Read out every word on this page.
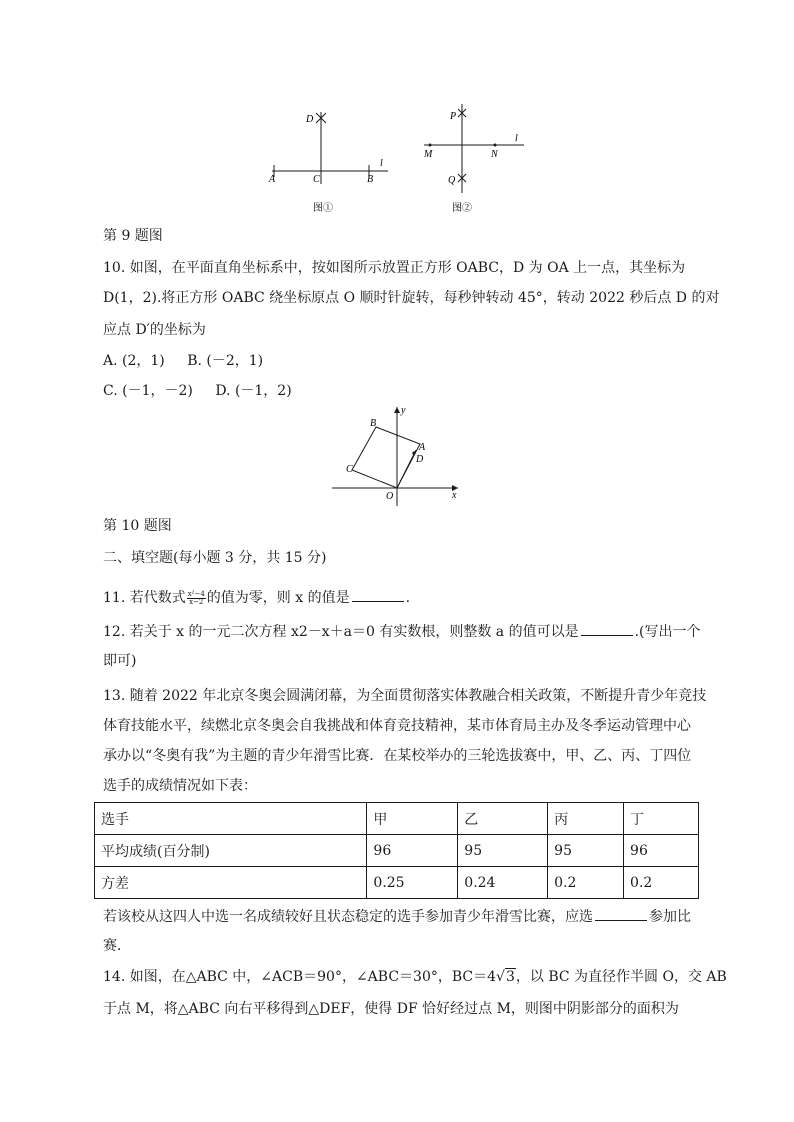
D
l
A	C	B
图①
P
l
M	N
Q
图②
第 9 题图
10. 如图，在平面直角坐标系中，按如图所示放置正方形 OABC，D 为 OA 上一点，其坐标为
D(1，2).将正方形 OABC 绕坐标原点 O 顺时针旋转，每秒钟转动 45°，转动 2022 秒后点 D 的对
应点 D′的坐标为
A. (2，1) B. (－2，1)
C. (－1，－2) D. (－1，2)
B
A
D
C
O	x
y
第 10 题图
二、填空题(每小题 3 分，共 15 分)
11. 若代数式 $\frac{\text{x²−4}}{x-2}$ 的值为零，则 x 的值是	.
12. 若关于 x 的一元二次方程 x2－x＋a＝0 有实数根，则整数 a 的值可以是	.(写出一个
即可)
13. 随着 2022 年北京冬奥会圆满闭幕，为全面贯彻落实体教融合相关政策，不断提升青少年竞技
体育技能水平，续燃北京冬奥会自我挑战和体育竞技精神，某市体育局主办及冬季运动管理中心
承办以“冬奥有我”为主题的青少年滑雪比赛．在某校举办的三轮选拔赛中，甲、乙、丙、丁四位
选手的成绩情况如下表：
选手	甲	乙	丙	丁
平均成绩(百分制)	96	95	95	96
方差	0.25	0.24	0.2	0.2
若该校从这四人中选一名成绩较好且状态稳定的选手参加青少年滑雪比赛，应选	参加比
赛．
14. 如图，在△ABC 中，∠ACB＝90°，∠ABC＝30°，BC＝4√3，以 BC 为直径作半圆 O，交 AB
于点 M，将△ABC 向右平移得到△DEF，使得 DF 恰好经过点 M，则图中阴影部分的面积为
